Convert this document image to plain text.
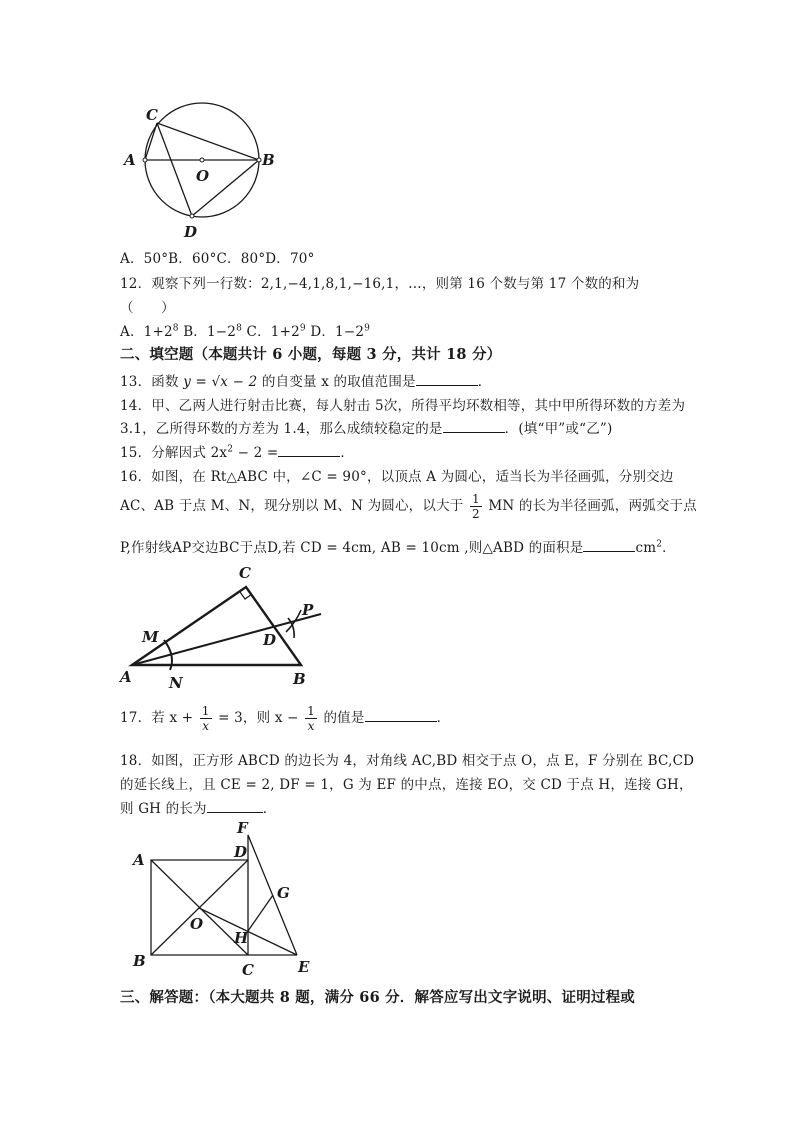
C
A
O
B
D
A．50°B．60°C．80°D．70°
12．观察下列一行数：2,1,−4,1,8,1,−16,1，…，则第 16 个数与第 17 个数的和为
（　　）
A．$1+2^8$ B．$1-2^8$ C．$1+2^9$ D．$1-2^9$
二、填空题（本题共计 6 小题，每题 3 分，共计 18 分）
13．函数 y = √x − 2 的自变量 x 的取值范围是	．
14．甲、乙两人进行射击比赛，每人射击 5次，所得平均环数相等，其中甲所得环数的方差为
3.1，乙所得环数的方差为 1.4，那么成绩较稳定的是	．(填“甲”或“乙”)
15．分解因式 $2x^2 - 2$ =	．
16．如图，在 Rt△ABC 中，∠C = 90°，以顶点 A 为圆心，适当长为半径画弧，分别交边
AC、AB 于点 M、N，现分别以 M、N 为圆心，以大于 $\frac{1}{2}$ MN 的长为半径画弧，两弧交于点
P,作射线AP交边BC于点D,若 CD = 4cm, AB = 10cm ,则△ABD 的面积是	$cm^2$．
C
P
M	D
A N	B
17．若 $x + \frac{1}{x} = 3$，则 $x - \frac{1}{x}$ 的值是	．
18．如图，正方形 ABCD 的边长为 4，对角线 AC,BD 相交于点 O，点 E，F 分别在 BC,CD
的延长线上，且 CE = 2, DF = 1，G 为 EF 的中点，连接 EO，交 CD 于点 H，连接 GH，
则 GH 的长为	．
F
A	D
G
O
H
B	C	E
三、解答题：（本大题共 8 题，满分 66 分．解答应写出文字说明、证明过程或
